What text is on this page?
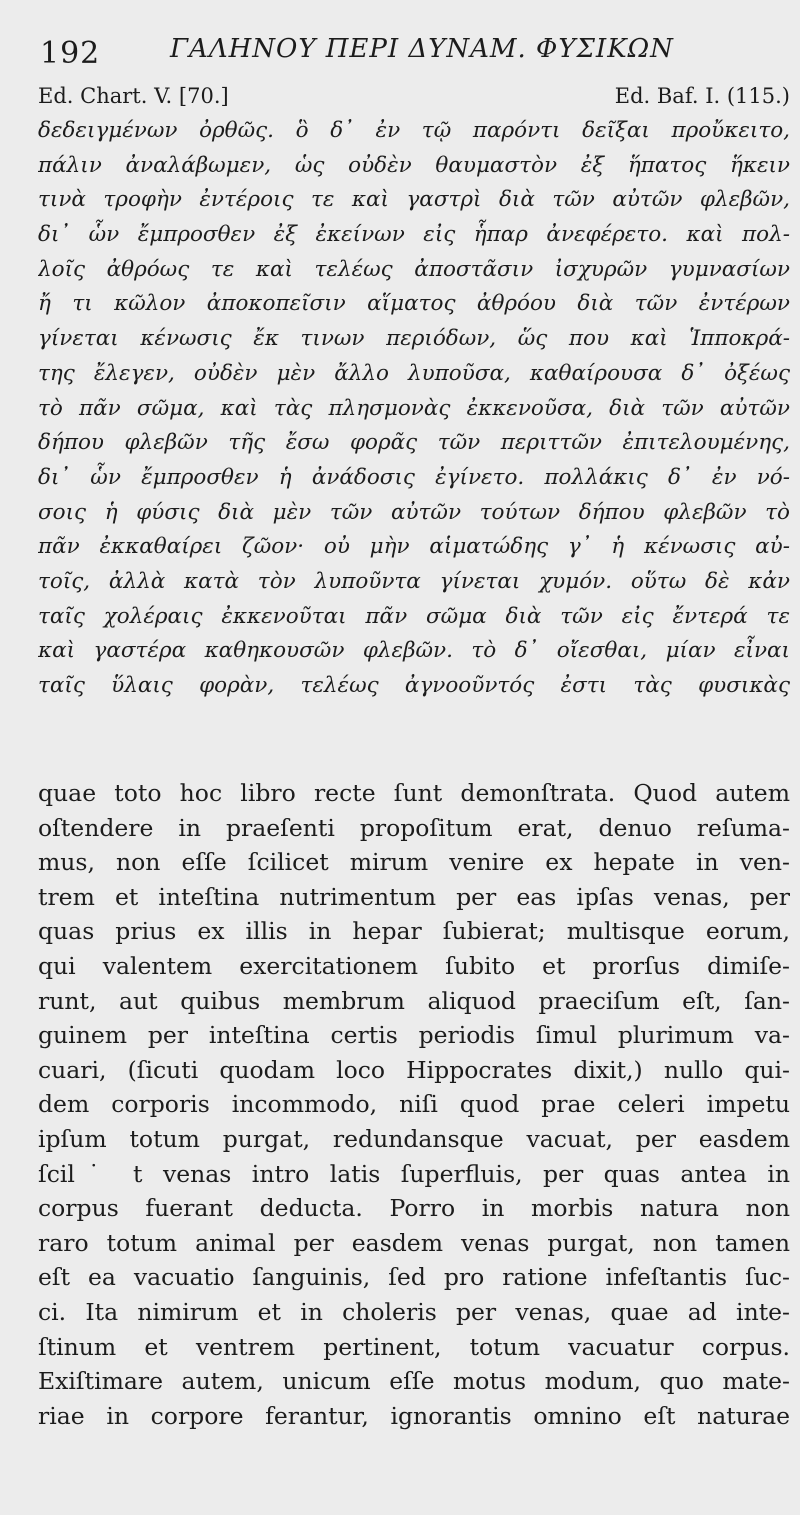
192	ΓΑΛΗΝΟΥ ΠΕΡΙ ΔΥΝΑΜ. ΦΥΣΙΚΩΝ
Ed. Chart. V. [70.]	Ed. Baf. I. (115.)
δεδειγμένων ὀρθῶς. ὃ δ᾽ ἐν τῷ παρόντι δεῖξαι προὔκειτο,
πάλιν ἀναλάβωμεν, ὡς οὐδὲν θαυμαστὸν ἐξ ἥπατος ἥκειν
τινὰ τροφὴν ἐντέροις τε καὶ γαστρὶ διὰ τῶν αὐτῶν φλεβῶν,
δι᾽ ὧν ἔμπροσθεν ἐξ ἐκείνων εἰς ἧπαρ ἀνεφέρετο. καὶ πολ-
λοῖς ἀθρόως τε καὶ τελέως ἀποστᾶσιν ἰσχυρῶν γυμνασίων
ἤ τι κῶλον ἀποκοπεῖσιν αἵματος ἀθρόου διὰ τῶν ἐντέρων
γίνεται κένωσις ἔκ τινων περιόδων, ὥς που καὶ Ἱπποκρά-
της ἔλεγεν, οὐδὲν μὲν ἄλλο λυποῦσα, καθαίρουσα δ᾽ ὀξέως
τὸ πᾶν σῶμα, καὶ τὰς πλησμονὰς ἐκκενοῦσα, διὰ τῶν αὐτῶν
δήπου φλεβῶν τῆς ἔσω φορᾶς τῶν περιττῶν ἐπιτελουμένης,
δι᾽ ὧν ἔμπροσθεν ἡ ἀνάδοσις ἐγίνετο. πολλάκις δ᾽ ἐν νό-
σοις ἡ φύσις διὰ μὲν τῶν αὐτῶν τούτων δήπου φλεβῶν τὸ
πᾶν ἐκκαθαίρει ζῶον· οὐ μὴν αἱματώδης γ᾽ ἡ κένωσις αὐ-
τοῖς, ἀλλὰ κατὰ τὸν λυποῦντα γίνεται χυμόν. οὕτω δὲ κἀν
ταῖς χολέραις ἐκκενοῦται πᾶν σῶμα διὰ τῶν εἰς ἔντερά τε
καὶ γαστέρα καθηκουσῶν φλεβῶν. τὸ δ᾽ οἴεσθαι, μίαν εἶναι
ταῖς ὕλαις φορὰν, τελέως ἀγνοοῦντός ἐστι τὰς φυσικὰς
quae toto hoc libro recte ſunt demonſtrata. Quod autem
oſtendere in praeſenti propoſitum erat, denuo reſuma-
mus, non eſſe ſcilicet mirum venire ex hepate in ven-
trem et inteſtina nutrimentum per eas ipſas venas, per
quas prius ex illis in hepar ſubierat; multisque eorum,
qui valentem exercitationem ſubito et prorſus dimiſe-
runt, aut quibus membrum aliquod praeciſum eſt, ſan-
guinem per inteſtina certis periodis ſimul plurimum va-
cuari, (ſicuti quodam loco Hippocrates dixit,) nullo qui-
dem corporis incommodo, niſi quod prae celeri impetu
ipſum totum purgat, redundansque vacuat, per easdem
ſcil˙ t venas intro latis ſuperfluis, per quas antea in
corpus fuerant deducta. Porro in morbis natura non
raro totum animal per easdem venas purgat, non tamen
eſt ea vacuatio ſanguinis, ſed pro ratione infeſtantis ſuc-
ci. Ita nimirum et in choleris per venas, quae ad inte-
ſtinum et ventrem pertinent, totum vacuatur corpus.
Exiſtimare autem, unicum eſſe motus modum, quo mate-
riae in corpore ferantur, ignorantis omnino eſt naturae
